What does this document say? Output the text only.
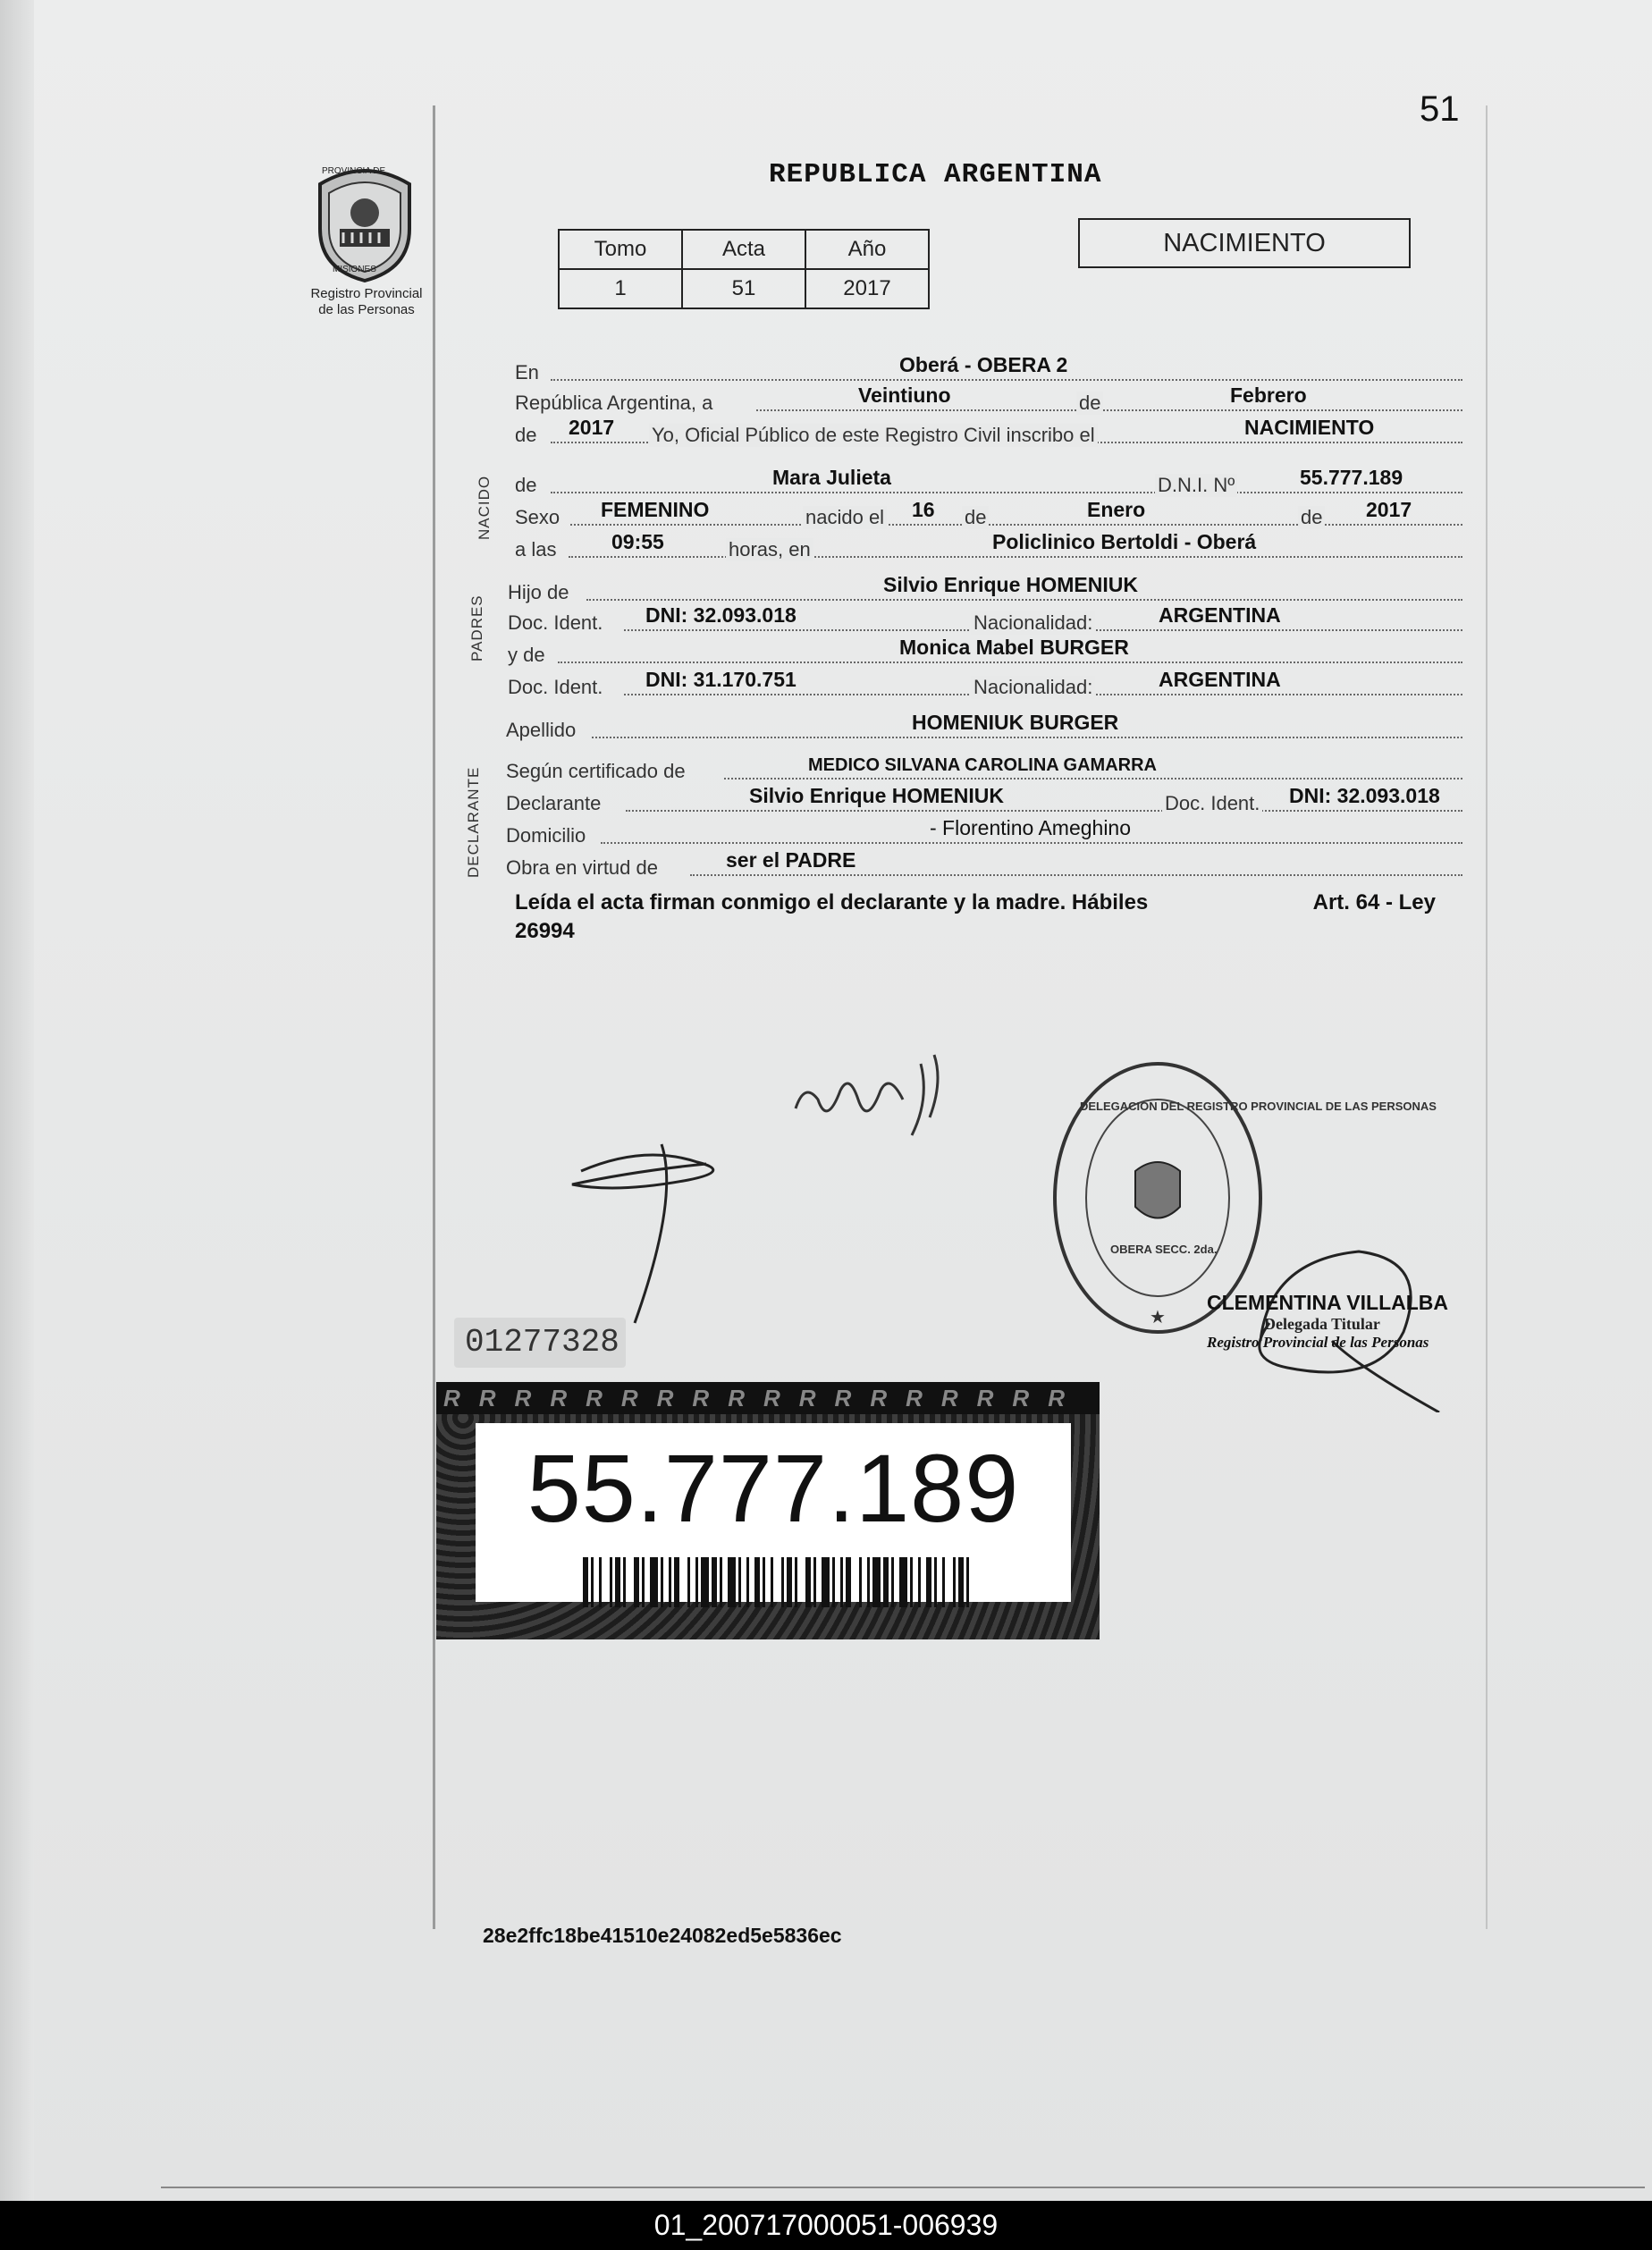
51
Registro Provincial
de las Personas
PROVINCIA DE
MISIONES
REPUBLICA ARGENTINA
Tomo	Acta	Año
1	51	2017
NACIMIENTO
En	Oberá - OBERA 2
República Argentina, a	Veintiuno	de	Febrero
de 2017 Yo, Oficial Público de este Registro Civil inscribo el	NACIMIENTO
de	Mara Julieta	D.N.I. Nº	55.777.189
Sexo FEMENINO	nacido el 16 de	Enero	de 2017
a las	09:55	horas, en	Policlinico Bertoldi - Oberá
NACIDO
Hijo de	Silvio Enrique HOMENIUK
Doc. Ident. DNI: 32.093.018	Nacionalidad:	ARGENTINA
y de	Monica Mabel BURGER
Doc. Ident. DNI: 31.170.751	Nacionalidad:	ARGENTINA
PADRES
Apellido	HOMENIUK BURGER
Según certificado de	MEDICO SILVANA CAROLINA GAMARRA
Declarante	Silvio Enrique HOMENIUK	Doc. Ident. DNI: 32.093.018
Domicilio	- Florentino Ameghino
Obra en virtud de	ser el PADRE
DECLARANTE
Art. 64 - Ley
Leída el acta firman conmigo el declarante y la madre. Hábiles
26994
★
DELEGACION DEL REGISTRO PROVINCIAL DE LAS PERSONAS
OBERA SECC. 2da.
CLEMENTINA VILLALBA
Delegada Titular
Registro Provincial de las Personas
01277328
RRRRRRRRRRRRRRRRRR
55.777.189
28e2ffc18be41510e24082ed5e5836ec
01_200717000051-006939
